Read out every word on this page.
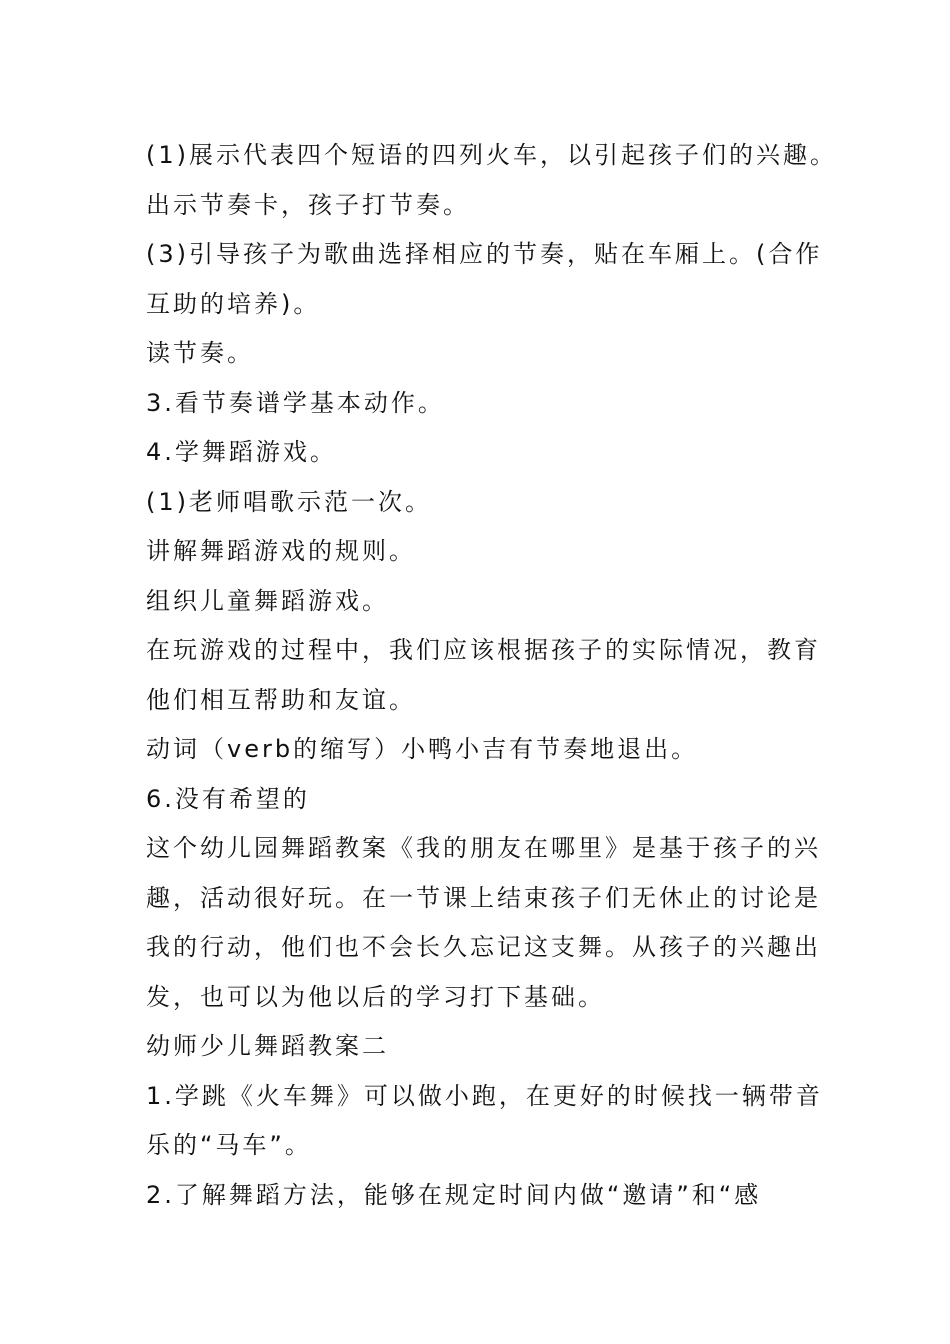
(1)展示代表四个短语的四列火车，以引起孩子们的兴趣。
出示节奏卡，孩子打节奏。
(3)引导孩子为歌曲选择相应的节奏，贴在车厢上。(合作
互助的培养)。
读节奏。
3.看节奏谱学基本动作。
4.学舞蹈游戏。
(1)老师唱歌示范一次。
讲解舞蹈游戏的规则。
组织儿童舞蹈游戏。
在玩游戏的过程中，我们应该根据孩子的实际情况，教育
他们相互帮助和友谊。
动词（verb的缩写）小鸭小吉有节奏地退出。
6.没有希望的
这个幼儿园舞蹈教案《我的朋友在哪里》是基于孩子的兴
趣，活动很好玩。在一节课上结束孩子们无休止的讨论是
我的行动，他们也不会长久忘记这支舞。从孩子的兴趣出
发，也可以为他以后的学习打下基础。
幼师少儿舞蹈教案二
1.学跳《火车舞》可以做小跑，在更好的时候找一辆带音
乐的“马车”。
2.了解舞蹈方法，能够在规定时间内做“邀请”和“感
